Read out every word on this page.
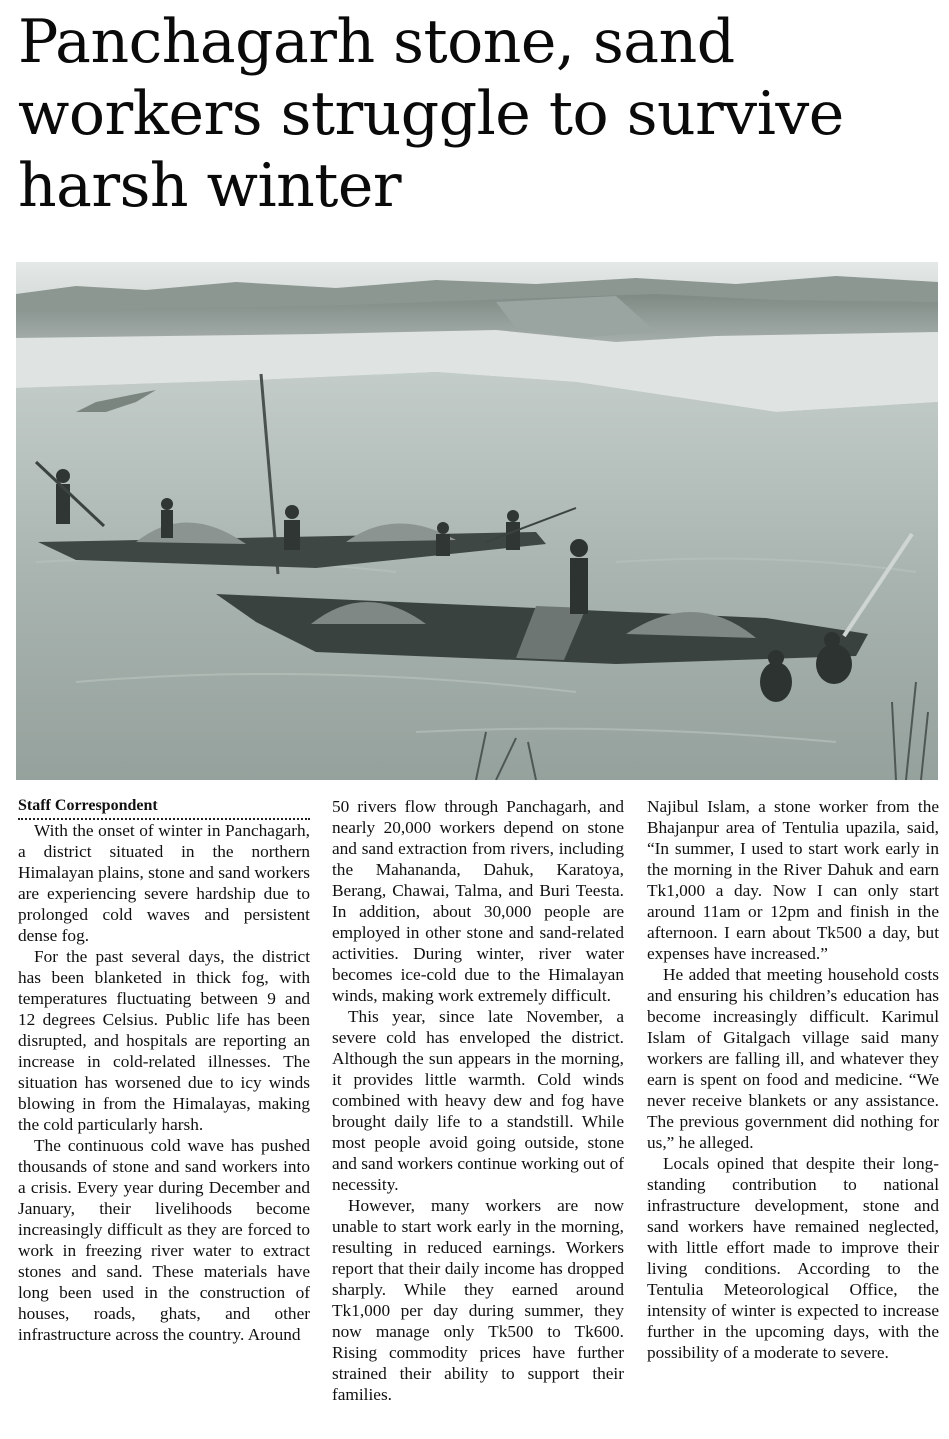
Panchagarh stone, sand workers struggle to survive harsh winter

Staff Correspondent

With the onset of winter in Panchagarh, a district situated in the northern Himalayan plains, stone and sand workers are experiencing severe hardship due to prolonged cold waves and persistent dense fog.

For the past several days, the district has been blanketed in thick fog, with temperatures fluctuating between 9 and 12 degrees Celsius. Public life has been disrupted, and hospitals are reporting an increase in cold-related illnesses. The situation has worsened due to icy winds blowing in from the Himalayas, making the cold particularly harsh.

The continuous cold wave has pushed thousands of stone and sand workers into a crisis. Every year during December and January, their livelihoods become increasingly difficult as they are forced to work in freezing river water to extract stones and sand. These materials have long been used in the construction of houses, roads, ghats, and other infrastructure across the country. Around

50 rivers flow through Panchagarh, and nearly 20,000 workers depend on stone and sand extraction from rivers, including the Mahananda, Dahuk, Karatoya, Berang, Chawai, Talma, and Buri Teesta. In addition, about 30,000 people are employed in other stone and sand-related activities. During winter, river water becomes ice-cold due to the Himalayan winds, making work extremely difficult.

This year, since late November, a severe cold has enveloped the district. Although the sun appears in the morning, it provides little warmth. Cold winds combined with heavy dew and fog have brought daily life to a standstill. While most people avoid going outside, stone and sand workers continue working out of necessity.

However, many workers are now unable to start work early in the morning, resulting in reduced earnings. Workers report that their daily income has dropped sharply. While they earned around Tk1,000 per day during summer, they now manage only Tk500 to Tk600. Rising commodity prices have further strained their ability to support their families.

Najibul Islam, a stone worker from the Bhajanpur area of Tentulia upazila, said, “In summer, I used to start work early in the morning in the River Dahuk and earn Tk1,000 a day. Now I can only start around 11am or 12pm and finish in the afternoon. I earn about Tk500 a day, but expenses have increased.”

He added that meeting household costs and ensuring his children’s education has become increasingly difficult. Karimul Islam of Gitalgach village said many workers are falling ill, and whatever they earn is spent on food and medicine. “We never receive blankets or any assistance. The previous government did nothing for us,” he alleged.

Locals opined that despite their long-standing contribution to national infrastructure development, stone and sand workers have remained neglected, with little effort made to improve their living conditions. According to the Tentulia Meteorological Office, the intensity of winter is expected to increase further in the upcoming days, with the possibility of a moderate to severe.
